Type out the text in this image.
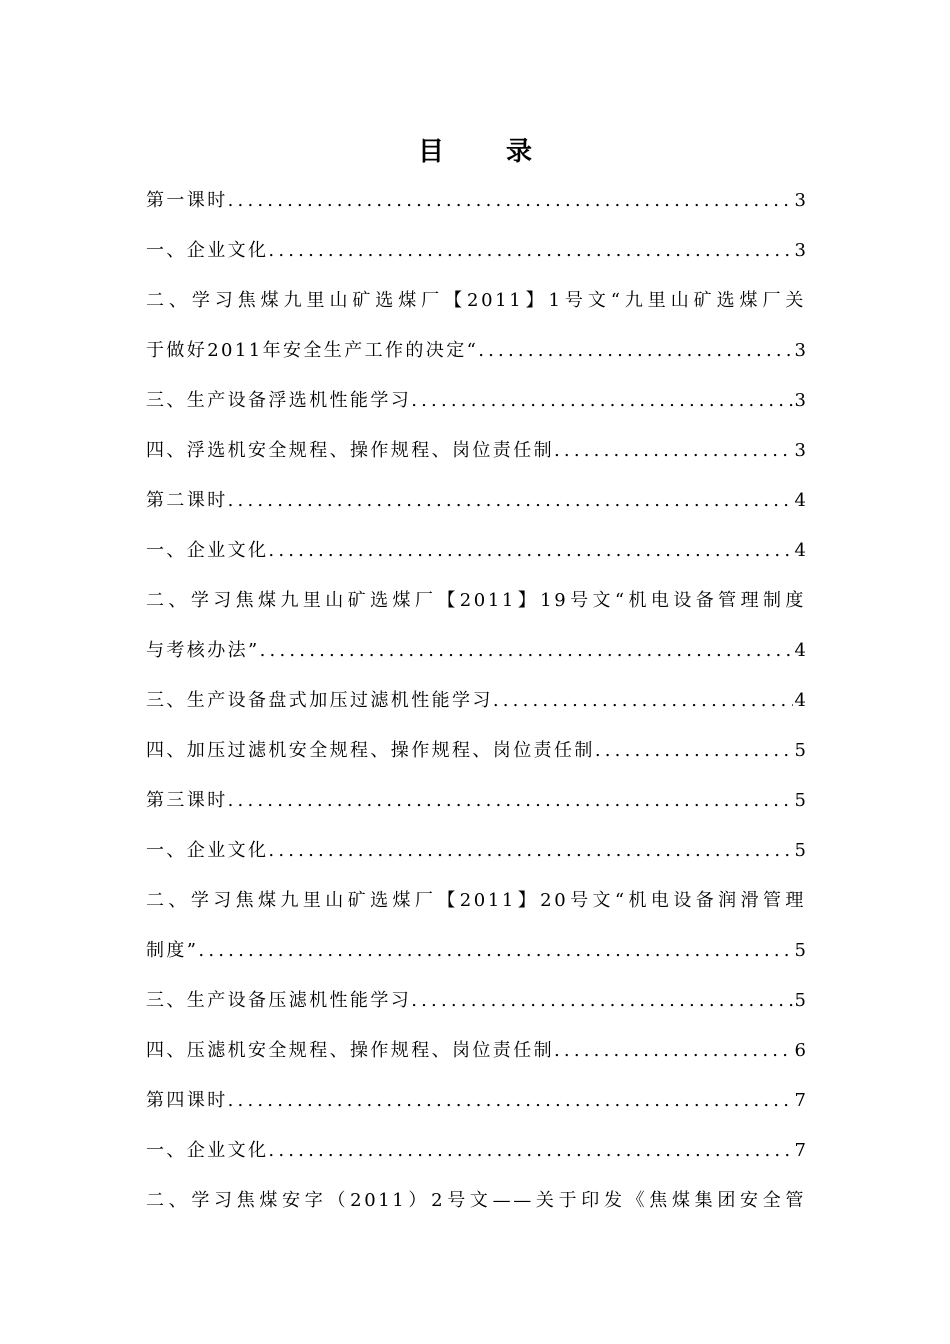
目录
第一课时 .....	3
一、企业文化 .....	3
二、学习焦煤九里山矿选煤厂【2011】1号文“九里山矿选煤厂关
于做好2011年安全生产工作的决定“ .....	3
三、生产设备浮选机性能学习 .....	3
四、浮选机安全规程、操作规程、岗位责任制 .....	3
第二课时 .....	4
一、企业文化 .....	4
二、学习焦煤九里山矿选煤厂【2011】19号文“机电设备管理制度
与考核办法” .....	4
三、生产设备盘式加压过滤机性能学习 .....	4
四、加压过滤机安全规程、操作规程、岗位责任制 .....	5
第三课时 .....	5
一、企业文化 .....	5
二、学习焦煤九里山矿选煤厂【2011】20号文“机电设备润滑管理
制度” .....	5
三、生产设备压滤机性能学习 .....	5
四、压滤机安全规程、操作规程、岗位责任制 .....	6
第四课时 .....	7
一、企业文化 .....	7
二、学习焦煤安字（2011）2号文——关于印发《焦煤集团安全管
